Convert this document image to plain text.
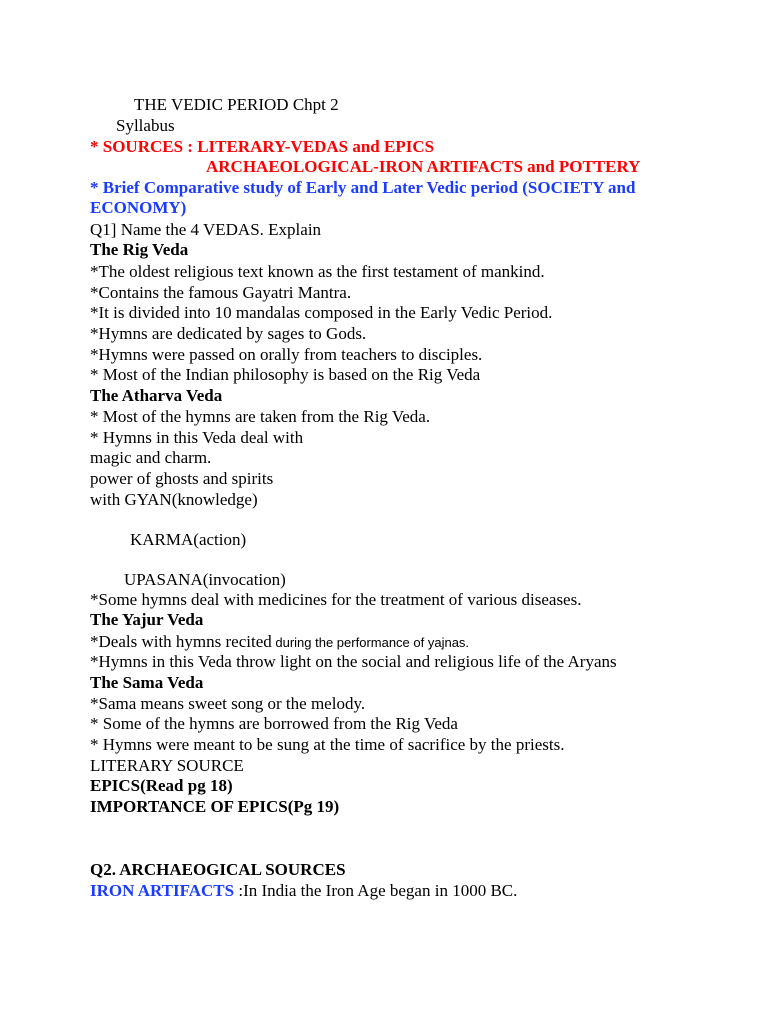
THE VEDIC PERIOD Chpt 2
Syllabus
* SOURCES : LITERARY-VEDAS and EPICS
ARCHAEOLOGICAL-IRON ARTIFACTS and POTTERY
* Brief Comparative study of Early and Later Vedic period (SOCIETY and
ECONOMY)
Q1] Name the 4 VEDAS. Explain
The Rig Veda
*The oldest religious text known as the first testament of mankind.
*Contains the famous Gayatri Mantra.
*It is divided into 10 mandalas composed in the Early Vedic Period.
*Hymns are dedicated by sages to Gods.
*Hymns were passed on orally from teachers to disciples.
* Most of the Indian philosophy is based on the Rig Veda
The Atharva Veda
* Most of the hymns are taken from the Rig Veda.
* Hymns in this Veda deal with
magic and charm.
power of ghosts and spirits
with GYAN(knowledge)
KARMA(action)
UPASANA(invocation)
*Some hymns deal with medicines for the treatment of various diseases.
The Yajur Veda
*Deals with hymns recited during the performance of yajnas.
*Hymns in this Veda throw light on the social and religious life of the Aryans
The Sama Veda
*Sama means sweet song or the melody.
* Some of the hymns are borrowed from the Rig Veda
* Hymns were meant to be sung at the time of sacrifice by the priests.
LITERARY SOURCE
EPICS(Read pg 18)
IMPORTANCE OF EPICS(Pg 19)
Q2. ARCHAEOGICAL SOURCES
IRON ARTIFACTS :In India the Iron Age began in 1000 BC.
